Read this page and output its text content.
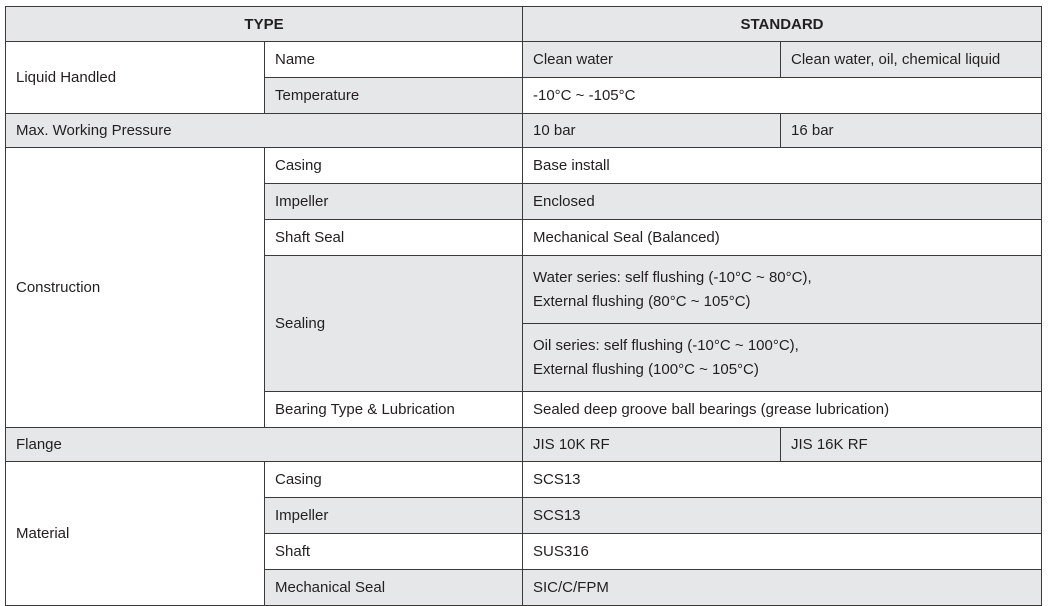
TYPE		STANDARD	
Liquid Handled	Name	Clean water	Clean water, oil, chemical liquid
	Temperature	-10°C ~ -105°C	
Max. Working Pressure		10 bar	16 bar
Construction	Casing	Base install	
	Impeller	Enclosed	
	Shaft Seal	Mechanical Seal (Balanced)	
	Sealing	Water series: self flushing (-10°C ~ 80°C),
External flushing (80°C ~ 105°C)	

		Oil series: self flushing (-10°C ~ 100°C),
External flushing (100°C ~ 105°C)	

	Bearing Type & Lubrication	Sealed deep groove ball bearings (grease lubrication)	
Flange		JIS 10K RF	JIS 16K RF
Material	Casing	SCS13	
	Impeller	SCS13	
	Shaft	SUS316	
	Mechanical Seal	SIC/C/FPM	
